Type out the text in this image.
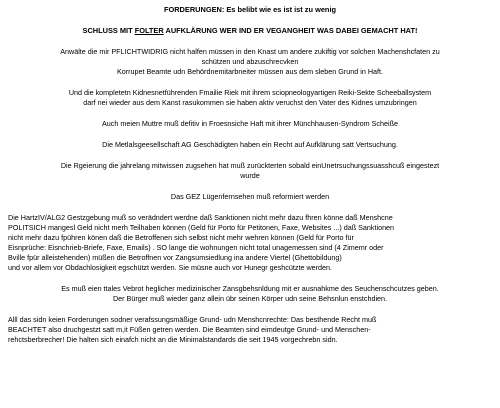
FORDERUNGEN: Es belibt wie es ist ist zu wenig
SCHLUSS MIT FOLTER AUFKLÄRUNG WER IND ER VEGANGHEIT WAS DABEI GEMACHT HAT!
Anwälte die mir PFLICHTWIDRIG nicht halfen müssen in den Knast um andere zukiftig vor solchen Machenshcfaten zu
schützen und abzuschrecvken
Korrupet Beamte udn Behördnemitarbneiter müssen aus dem sleben Grund in Haft.
Und die kompletetn Kidnesnetführenden Fmailie Riek mit ihrem sciopneologyartigen Reiki-Sekte Scheeballsystem
darf nei wieder aus dem Kanst rasukommen sie haben aktiv veruchst den Vater des Kidnes umzubringen
Auch meien Muttre muß defitiv in Froesnsiche Haft mit ihrer Münchhausen-Syndrom Scheiße
Die Metlalsgeesellschaft AG Geschädigten haben ein Recht auf Aufklärung satt Vertsuchung.
Die Rgeierung die jahrelang mitwissen zugsehen hat muß zurückterten sobald einUnetrsuchungssuasshcuß eingestezt
wurde
Das GEZ Lügenfernsehen muß reformiert werden
Die HartzIV/ALG2 Gestzgebung muß so verädndert werdne daß Sanktionen nicht mehr dazu fhren könne daß Menshcne
POLITSICH mangesl Geld nicht merh Teilhaben können (Geld für Porto für Petitonen, Faxe, Websites ...) daß Sanktionen
nicht mehr dazu fpühren könen daß die Betroffenen sich selbst nicht mehr wehren können (Geld für Porto für
Eisnprüche: Eisnchrieb-Briefe, Faxe, Emails) . SO lange die wohnungen nicht total unagemessen sind (4 Zimemr oder
Bville fpür alleistehenden) müßen die Betroffnen vor Zangsumsiedlung ina andere Viertel (Ghettobildung)
und vor allem vor Obdachlosigkeit egschützt werden. Sie müsne auch vor Hunegr geshcützte werden.
Es muß eien ttales Vebrot heglicher medizinischer Zansgbehsnldung mit er ausnahkme des Seuchenschcutzes geben.
Der Bürger muß wieder ganz allein übr seinen Körper udn seine Behsnlun enstchdien.
Alll das sidn keien Forderungen sodner verafssungsmäßige Grund- udn Menshcnrechte: Das besthende Recht muß
BEACHTET also druchgestzt satt m,it Füßen getren werden. Die Beamten sind eimdeutge Grund- und Menschen-
rehctsberbrecher! Die halten sich einafch nicht an die Minimalstandards die seit 1945 vorgechrebn sidn.
